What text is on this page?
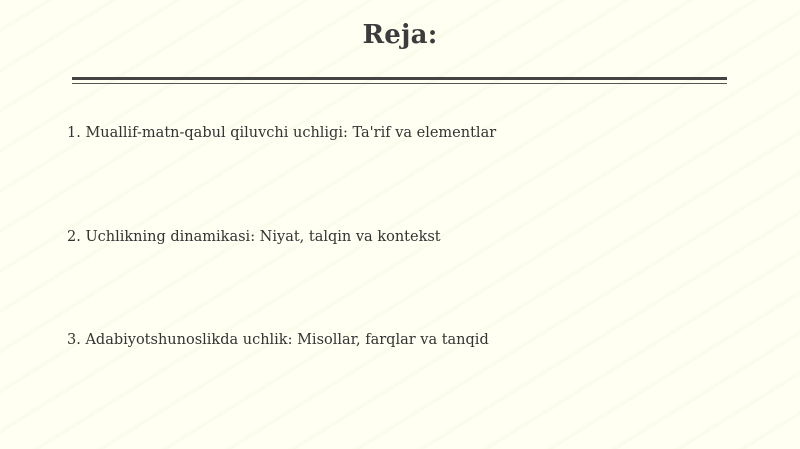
Reja:
1. Muallif-matn-qabul qiluvchi uchligi: Ta'rif va elementlar
2. Uchlikning dinamikasi: Niyat, talqin va kontekst
3. Adabiyotshunoslikda uchlik: Misollar, farqlar va tanqid
